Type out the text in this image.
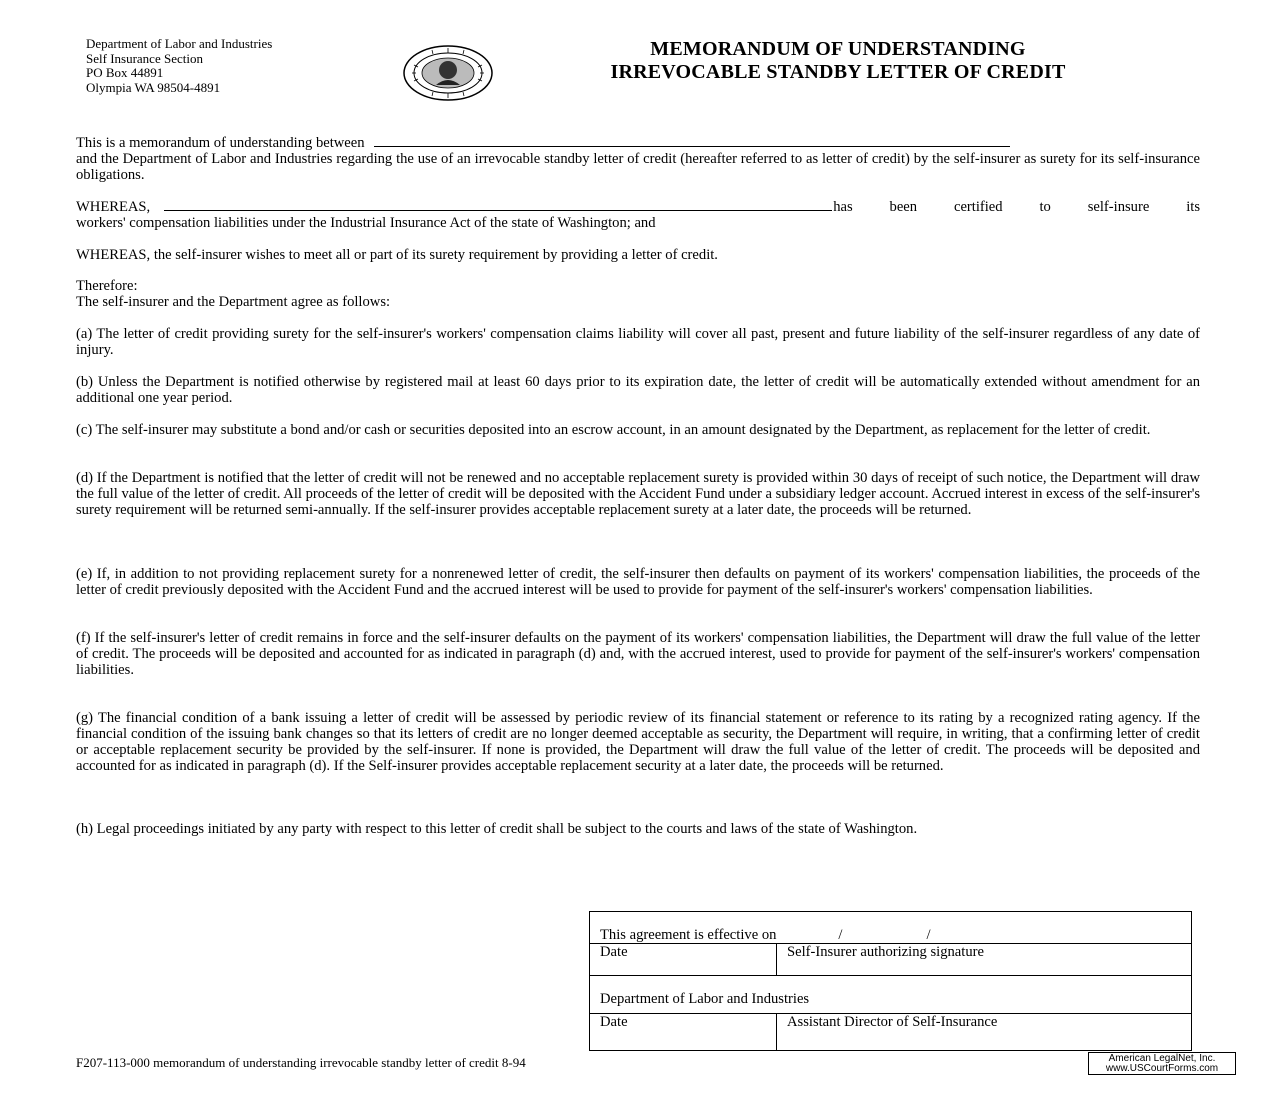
Department of Labor and Industries
Self Insurance Section
PO Box 44891
Olympia WA 98504-4891
MEMORANDUM OF UNDERSTANDING
IRREVOCABLE STANDBY LETTER OF CREDIT
This is a memorandum of understanding between
and the Department of Labor and Industries regarding the use of an irrevocable standby letter of credit (hereafter referred to as letter of credit) by the self-insurer as surety for its self-insurance obligations.
WHEREAS,	has been certified to self-insure its
workers' compensation liabilities under the Industrial Insurance Act of the state of Washington; and
WHEREAS, the self-insurer wishes to meet all or part of its surety requirement by providing a letter of credit.
Therefore:
The self-insurer and the Department agree as follows:
(a) The letter of credit providing surety for the self-insurer's workers' compensation claims liability will cover all past, present and future liability of the self-insurer regardless of any date of injury.
(b) Unless the Department is notified otherwise by registered mail at least 60 days prior to its expiration date, the letter of credit will be automatically extended without amendment for an additional one year period.
(c) The self-insurer may substitute a bond and/or cash or securities deposited into an escrow account, in an amount designated by the Department, as replacement for the letter of credit.
(d) If the Department is notified that the letter of credit will not be renewed and no acceptable replacement surety is provided within 30 days of receipt of such notice, the Department will draw the full value of the letter of credit. All proceeds of the letter of credit will be deposited with the Accident Fund under a subsidiary ledger account. Accrued interest in excess of the self-insurer's surety requirement will be returned semi-annually. If the self-insurer provides acceptable replacement surety at a later date, the proceeds will be returned.
(e) If, in addition to not providing replacement surety for a nonrenewed letter of credit, the self-insurer then defaults on payment of its workers' compensation liabilities, the proceeds of the letter of credit previously deposited with the Accident Fund and the accrued interest will be used to provide for payment of the self-insurer's workers' compensation liabilities.
(f) If the self-insurer's letter of credit remains in force and the self-insurer defaults on the payment of its workers' compensation liabilities, the Department will draw the full value of the letter of credit. The proceeds will be deposited and accounted for as indicated in paragraph (d) and, with the accrued interest, used to provide for payment of the self-insurer's workers' compensation liabilities.
(g) The financial condition of a bank issuing a letter of credit will be assessed by periodic review of its financial statement or reference to its rating by a recognized rating agency. If the financial condition of the issuing bank changes so that its letters of credit are no longer deemed acceptable as security, the Department will require, in writing, that a confirming letter of credit or acceptable replacement security be provided by the self-insurer. If none is provided, the Department will draw the full value of the letter of credit. The proceeds will be deposited and accounted for as indicated in paragraph (d). If the Self-insurer provides acceptable replacement security at a later date, the proceeds will be returned.
(h) Legal proceedings initiated by any party with respect to this letter of credit shall be subject to the courts and laws of the state of Washington.
This agreement is effective on / /	
Date	Self-Insurer authorizing signature
Department of Labor and Industries	
Date	Assistant Director of Self-Insurance
F207-113-000 memorandum of understanding irrevocable standby letter of credit 8-94	American LegalNet, Inc.
www.USCourtForms.com
